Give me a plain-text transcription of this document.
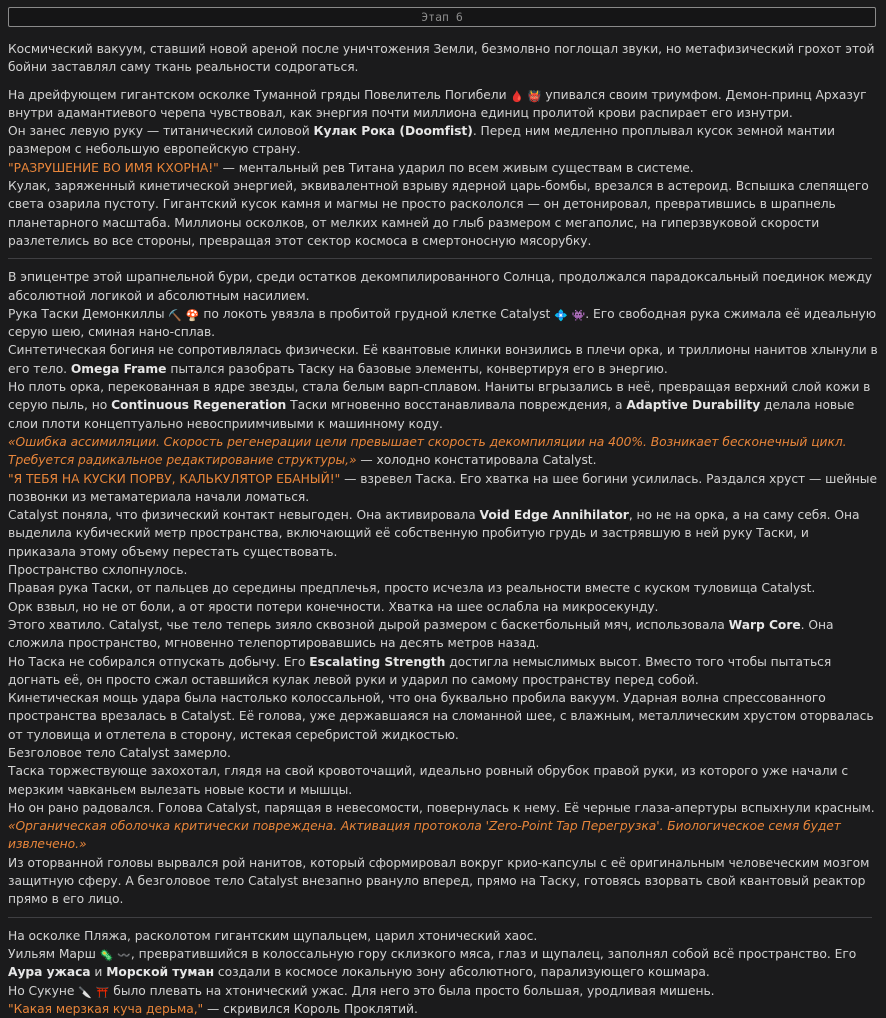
Этап 6

Космический вакуум, ставший новой ареной после уничтожения Земли, безмолвно поглощал звуки, но метафизический грохот этой бойни заставлял саму ткань реальности содрогаться.

На дрейфующем гигантском осколке Туманной гряды Повелитель Погибели 🩸 👹 упивался своим триумфом. Демон-принц Архазуг внутри адамантиевого черепа чувствовал, как энергия почти миллиона единиц пролитой крови распирает его изнутри.

Он занес левую руку — титанический силовой Кулак Рока (Doomfist). Перед ним медленно проплывал кусок земной мантии размером с небольшую европейскую страну.

"РАЗРУШЕНИЕ ВО ИМЯ КХОРНА!" — ментальный рев Титана ударил по всем живым существам в системе.

Кулак, заряженный кинетической энергией, эквивалентной взрыву ядерной царь-бомбы, врезался в астероид. Вспышка слепящего света озарила пустоту. Гигантский кусок камня и магмы не просто раскололся — он детонировал, превратившись в шрапнель планетарного масштаба. Миллионы осколков, от мелких камней до глыб размером с мегаполис, на гиперзвуковой скорости разлетелись во все стороны, превращая этот сектор космоса в смертоносную мясорубку.

В эпицентре этой шрапнельной бури, среди остатков декомпилированного Солнца, продолжался парадоксальный поединок между абсолютной логикой и абсолютным насилием.

Рука Таски Демонкиллы ⛏️ 🍄 по локоть увязла в пробитой грудной клетке Catalyst 💠 👾. Его свободная рука сжимала её идеальную серую шею, сминая нано-сплав.

Синтетическая богиня не сопротивлялась физически. Её квантовые клинки вонзились в плечи орка, и триллионы нанитов хлынули в его тело. Omega Frame пытался разобрать Таску на базовые элементы, конвертируя его в энергию.

Но плоть орка, перекованная в ядре звезды, стала белым варп-сплавом. Наниты вгрызались в неё, превращая верхний слой кожи в серую пыль, но Continuous Regeneration Таски мгновенно восстанавливала повреждения, а Adaptive Durability делала новые слои плоти концептуально невосприимчивыми к машинному коду.

«Ошибка ассимиляции. Скорость регенерации цели превышает скорость декомпиляции на 400%. Возникает бесконечный цикл. Требуется радикальное редактирование структуры,» — холодно констатировала Catalyst.

"Я ТЕБЯ НА КУСКИ ПОРВУ, КАЛЬКУЛЯТОР ЕБАНЫЙ!" — взревел Таска. Его хватка на шее богини усилилась. Раздался хруст — шейные позвонки из метаматериала начали ломаться.

Catalyst поняла, что физический контакт невыгоден. Она активировала Void Edge Annihilator, но не на орка, а на саму себя. Она выделила кубический метр пространства, включающий её собственную пробитую грудь и застрявшую в ней руку Таски, и приказала этому объему перестать существовать.

Пространство схлопнулось.

Правая рука Таски, от пальцев до середины предплечья, просто исчезла из реальности вместе с куском туловища Catalyst.

Орк взвыл, но не от боли, а от ярости потери конечности. Хватка на шее ослабла на микросекунду.

Этого хватило. Catalyst, чье тело теперь зияло сквозной дырой размером с баскетбольный мяч, использовала Warp Core. Она сложила пространство, мгновенно телепортировавшись на десять метров назад.

Но Таска не собирался отпускать добычу. Его Escalating Strength достигла немыслимых высот. Вместо того чтобы пытаться догнать её, он просто сжал оставшийся кулак левой руки и ударил по самому пространству перед собой.

Кинетическая мощь удара была настолько колоссальной, что она буквально пробила вакуум. Ударная волна спрессованного пространства врезалась в Catalyst. Её голова, уже державшаяся на сломанной шее, с влажным, металлическим хрустом оторвалась от туловища и отлетела в сторону, истекая серебристой жидкостью.

Безголовое тело Catalyst замерло.

Таска торжествующе захохотал, глядя на свой кровоточащий, идеально ровный обрубок правой руки, из которого уже начали с мерзким чавканьем вылезать новые кости и мышцы.

Но он рано радовался. Голова Catalyst, парящая в невесомости, повернулась к нему. Её черные глаза-апертуры вспыхнули красным.

«Органическая оболочка критически повреждена. Активация протокола 'Zero-Point Tap Перегрузка'. Биологическое семя будет извлечено.»

Из оторванной головы вырвался рой нанитов, который сформировал вокруг крио-капсулы с её оригинальным человеческим мозгом защитную сферу. А безголовое тело Catalyst внезапно рвануло вперед, прямо на Таску, готовясь взорвать свой квантовый реактор прямо в его лицо.

На осколке Пляжа, расколотом гигантским щупальцем, царил хтонический хаос.

Уильям Марш 🦠 〰️, превратившийся в колоссальную гору склизкого мяса, глаз и щупалец, заполнял собой всё пространство. Его Аура ужаса и Морской туман создали в космосе локальную зону абсолютного, парализующего кошмара.

Но Сукуне 🔪 ⛩️ было плевать на хтонический ужас. Для него это была просто большая, уродливая мишень.

"Какая мерзкая куча дерьма," — скривился Король Проклятий.
